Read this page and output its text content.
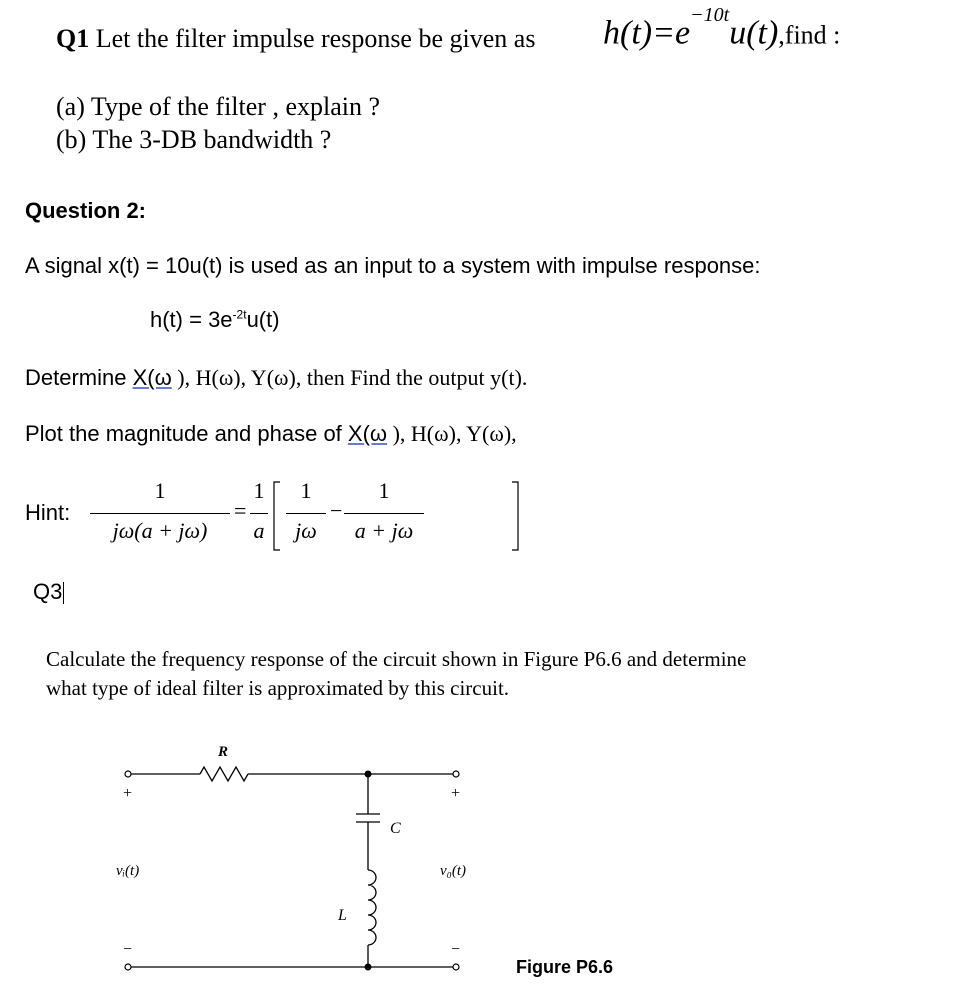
Q1 Let the filter impulse response be given as $h(t)=e^{-10t}u(t),find$ :
(a) Type of the filter , explain ?
(b) The 3-DB bandwidth ?
Question 2:
A signal x(t) = 10u(t) is used as an input to a system with impulse response:
$h(t) = 3e^{-2t}u(t)$
Determine X(ω ), H(ω), Y(ω), then Find the output y(t).
Plot the magnitude and phase of X(ω ), H(ω), Y(ω),
Hint:
1
jω(a + jω)
=
1
a
1
jω
−
1
a + jω
Q3
Calculate the frequency response of the circuit shown in Figure P6.6 and determine
what type of ideal filter is approximated by this circuit.
R
C
L
+	+
−	−
vᵢ(t)	v₀(t)
Figure P6.6
